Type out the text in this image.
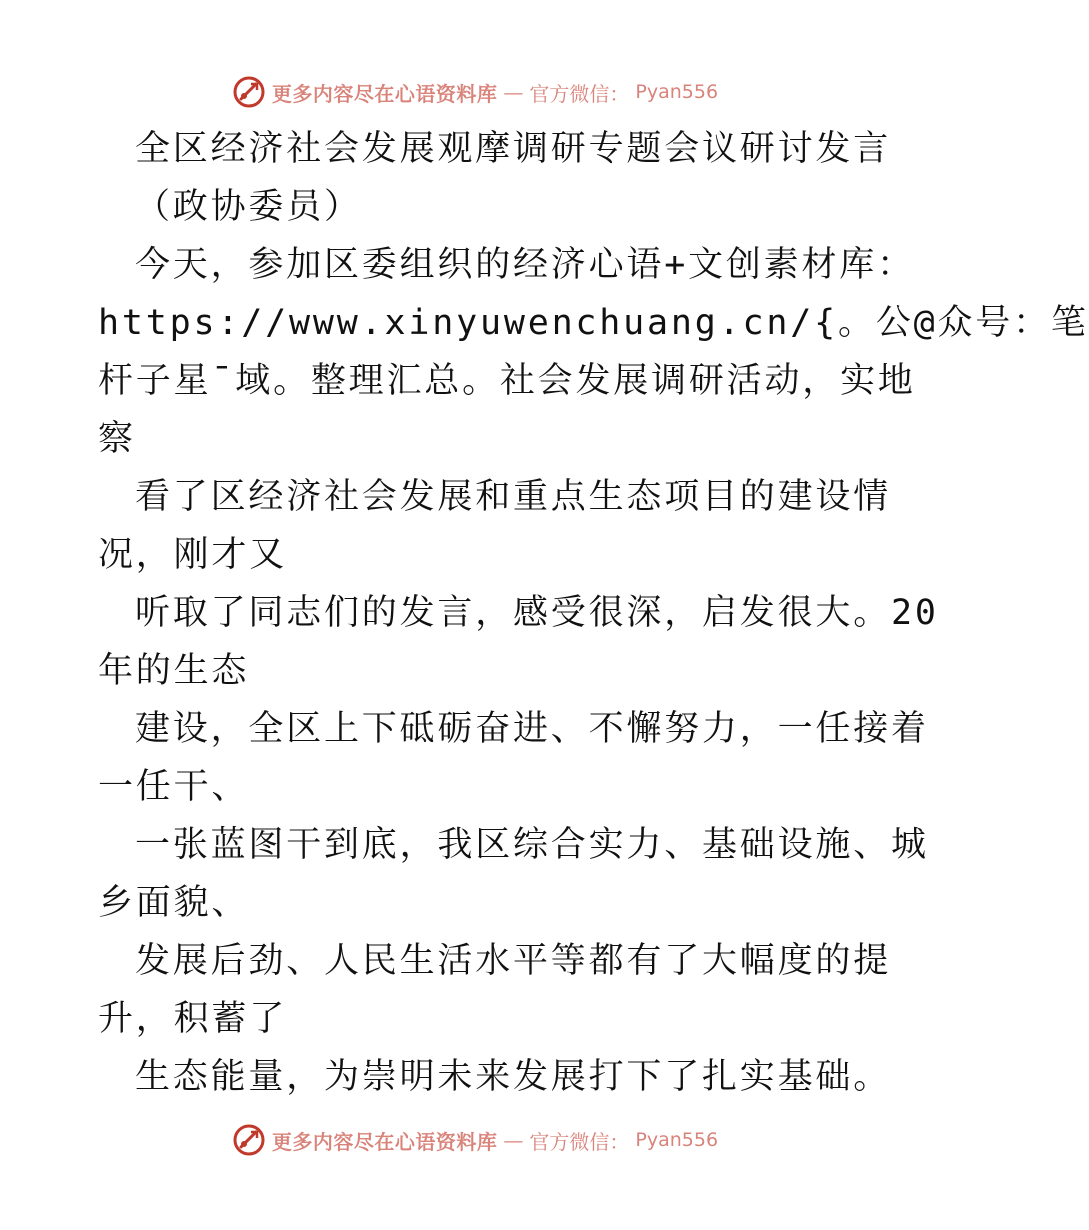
更多内容尽在心语资料库 — 官方微信： Pyan556
全区经济社会发展观摩调研专题会议研讨发言
（政协委员）
今天，参加区委组织的经济心语+文创素材库：
https://www.xinyuwenchuang.cn/{。公@众号：笔
杆子星¯域。整理汇总。社会发展调研活动，实地
察
看了区经济社会发展和重点生态项目的建设情
况，刚才又
听取了同志们的发言，感受很深，启发很大。20
年的生态
建设，全区上下砥砺奋进、不懈努力，一任接着
一任干、
一张蓝图干到底，我区综合实力、基础设施、城
乡面貌、
发展后劲、人民生活水平等都有了大幅度的提
升，积蓄了
生态能量，为崇明未来发展打下了扎实基础。
更多内容尽在心语资料库 — 官方微信： Pyan556
